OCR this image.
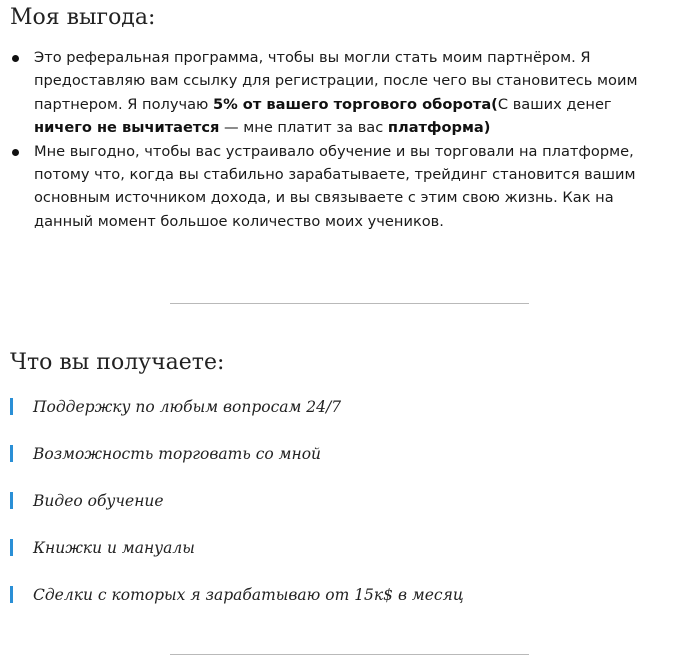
Моя выгода:
Это реферальная программа, чтобы вы могли стать моим партнёром. Я предоставляю вам ссылку для регистрации, после чего вы становитесь моим партнером. Я получаю 5% от вашего торгового оборота(С ваших денег ничего не вычитается — мне платит за вас платформа)
Мне выгодно, чтобы вас устраивало обучение и вы торговали на платформе, потому что, когда вы стабильно зарабатываете, трейдинг становится вашим основным источником дохода, и вы связываете с этим свою жизнь. Как на данный момент большое количество моих учеников.
Что вы получаете:
Поддержку по любым вопросам 24/7
Возможность торговать со мной
Видео обучение
Книжки и мануалы
Сделки с которых я зарабатываю от 15к$ в месяц
